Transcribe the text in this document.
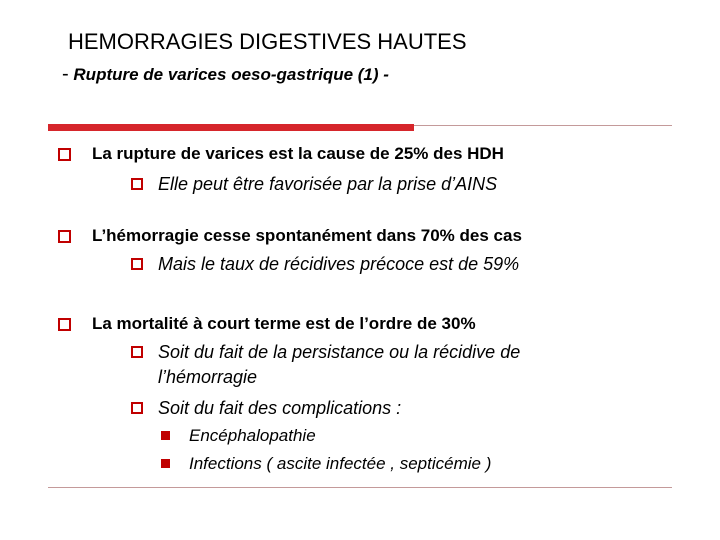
HEMORRAGIES DIGESTIVES HAUTES
- Rupture de varices oeso-gastrique (1) -
La rupture de varices est la cause de 25% des HDH
Elle peut être favorisée par la prise d’AINS
L’hémorragie cesse spontanément dans 70% des cas
Mais le taux de récidives précoce est de 59%
La mortalité à court terme est de l’ordre de 30%
Soit du fait de la persistance ou la récidive de
l’hémorragie
Soit du fait des complications :
Encéphalopathie
Infections ( ascite infectée , septicémie )
